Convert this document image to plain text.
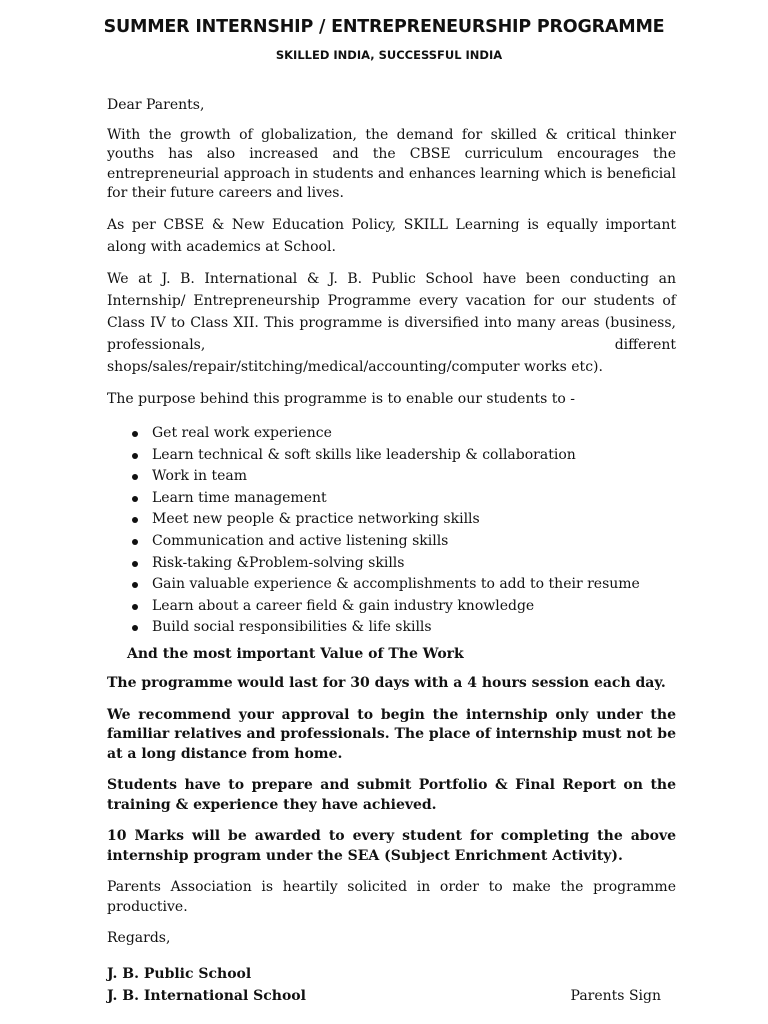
SUMMER INTERNSHIP / ENTREPRENEURSHIP PROGRAMME
SKILLED INDIA, SUCCESSFUL INDIA

Dear Parents,

With the growth of globalization, the demand for skilled & critical thinker youths has also increased and the CBSE curriculum encourages the entrepreneurial approach in students and enhances learning which is beneficial for their future careers and lives.

As per CBSE & New Education Policy, SKILL Learning is equally important along with academics at School.

We at J. B. International & J. B. Public School have been conducting an Internship/ Entrepreneurship Programme every vacation for our students of Class IV to Class XII. This programme is diversified into many areas (business, professionals, different shops/sales/repair/stitching/medical/accounting/computer works etc).

The purpose behind this programme is to enable our students to -

Get real work experience
Learn technical & soft skills like leadership & collaboration
Work in team
Learn time management
Meet new people & practice networking skills
Communication and active listening skills
Risk-taking &Problem-solving skills
Gain valuable experience & accomplishments to add to their resume
Learn about a career field & gain industry knowledge
Build social responsibilities & life skills

And the most important Value of The Work

The programme would last for 30 days with a 4 hours session each day.

We recommend your approval to begin the internship only under the familiar relatives and professionals. The place of internship must not be at a long distance from home.

Students have to prepare and submit Portfolio & Final Report on the training & experience they have achieved.

10 Marks will be awarded to every student for completing the above internship program under the SEA (Subject Enrichment Activity).

Parents Association is heartily solicited in order to make the programme productive.

Regards,

J. B. Public School
J. B. International School	Parents Sign
